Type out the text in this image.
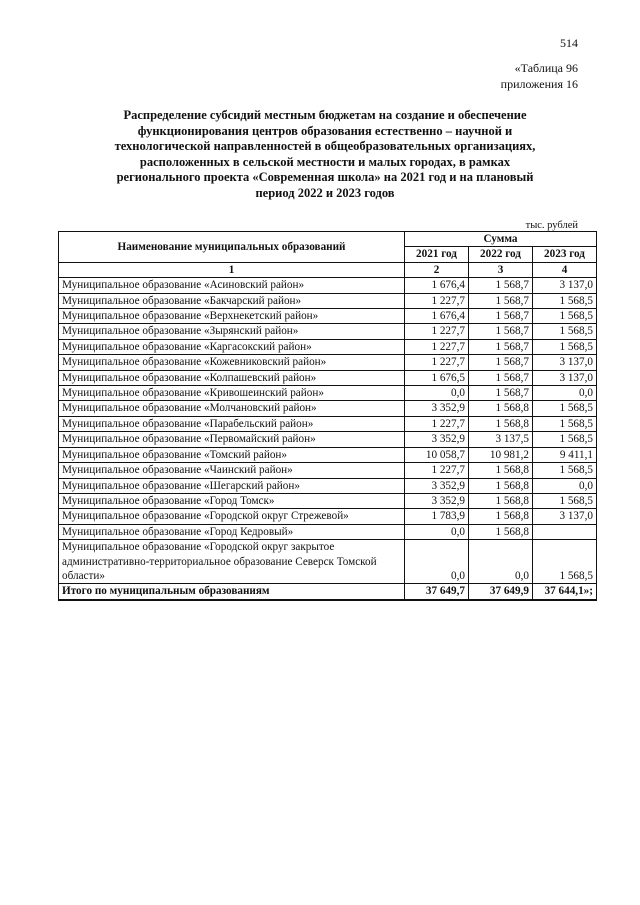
514
«Таблица 96
приложения 16
Распределение субсидий местным бюджетам на создание и обеспечение
функционирования центров образования естественно – научной и
технологической направленностей в общеобразовательных организациях,
расположенных в сельской местности и малых городах, в рамках
регионального проекта «Современная школа» на 2021 год и на плановый
период 2022 и 2023 годов
тыс. рублей
Наименование муниципальных образований	Сумма		
	2021 год	2022 год	2023 год
1	2	3	4
Муниципальное образование «Асиновский район»	1 676,4	1 568,7	3 137,0
Муниципальное образование «Бакчарский район»	1 227,7	1 568,7	1 568,5
Муниципальное образование «Верхнекетский район»	1 676,4	1 568,7	1 568,5
Муниципальное образование «Зырянский район»	1 227,7	1 568,7	1 568,5
Муниципальное образование «Каргасокский район»	1 227,7	1 568,7	1 568,5
Муниципальное образование «Кожевниковский район»	1 227,7	1 568,7	3 137,0
Муниципальное образование «Колпашевский район»	1 676,5	1 568,7	3 137,0
Муниципальное образование «Кривошеинский район»	0,0	1 568,7	0,0
Муниципальное образование «Молчановский район»	3 352,9	1 568,8	1 568,5
Муниципальное образование «Парабельский район»	1 227,7	1 568,8	1 568,5
Муниципальное образование «Первомайский район»	3 352,9	3 137,5	1 568,5
Муниципальное образование «Томский район»	10 058,7	10 981,2	9 411,1
Муниципальное образование «Чаинский район»	1 227,7	1 568,8	1 568,5
Муниципальное образование «Шегарский район»	3 352,9	1 568,8	0,0
Муниципальное образование «Город Томск»	3 352,9	1 568,8	1 568,5
Муниципальное образование «Городской округ Стрежевой»	1 783,9	1 568,8	3 137,0
Муниципальное образование «Город Кедровый»	0,0	1 568,8	
Муниципальное образование «Городской округ закрытое административно-территориальное образование Северск Томской области»	0,0	0,0	1 568,5
Итого по муниципальным образованиям	37 649,7	37 649,9	37 644,1»;
